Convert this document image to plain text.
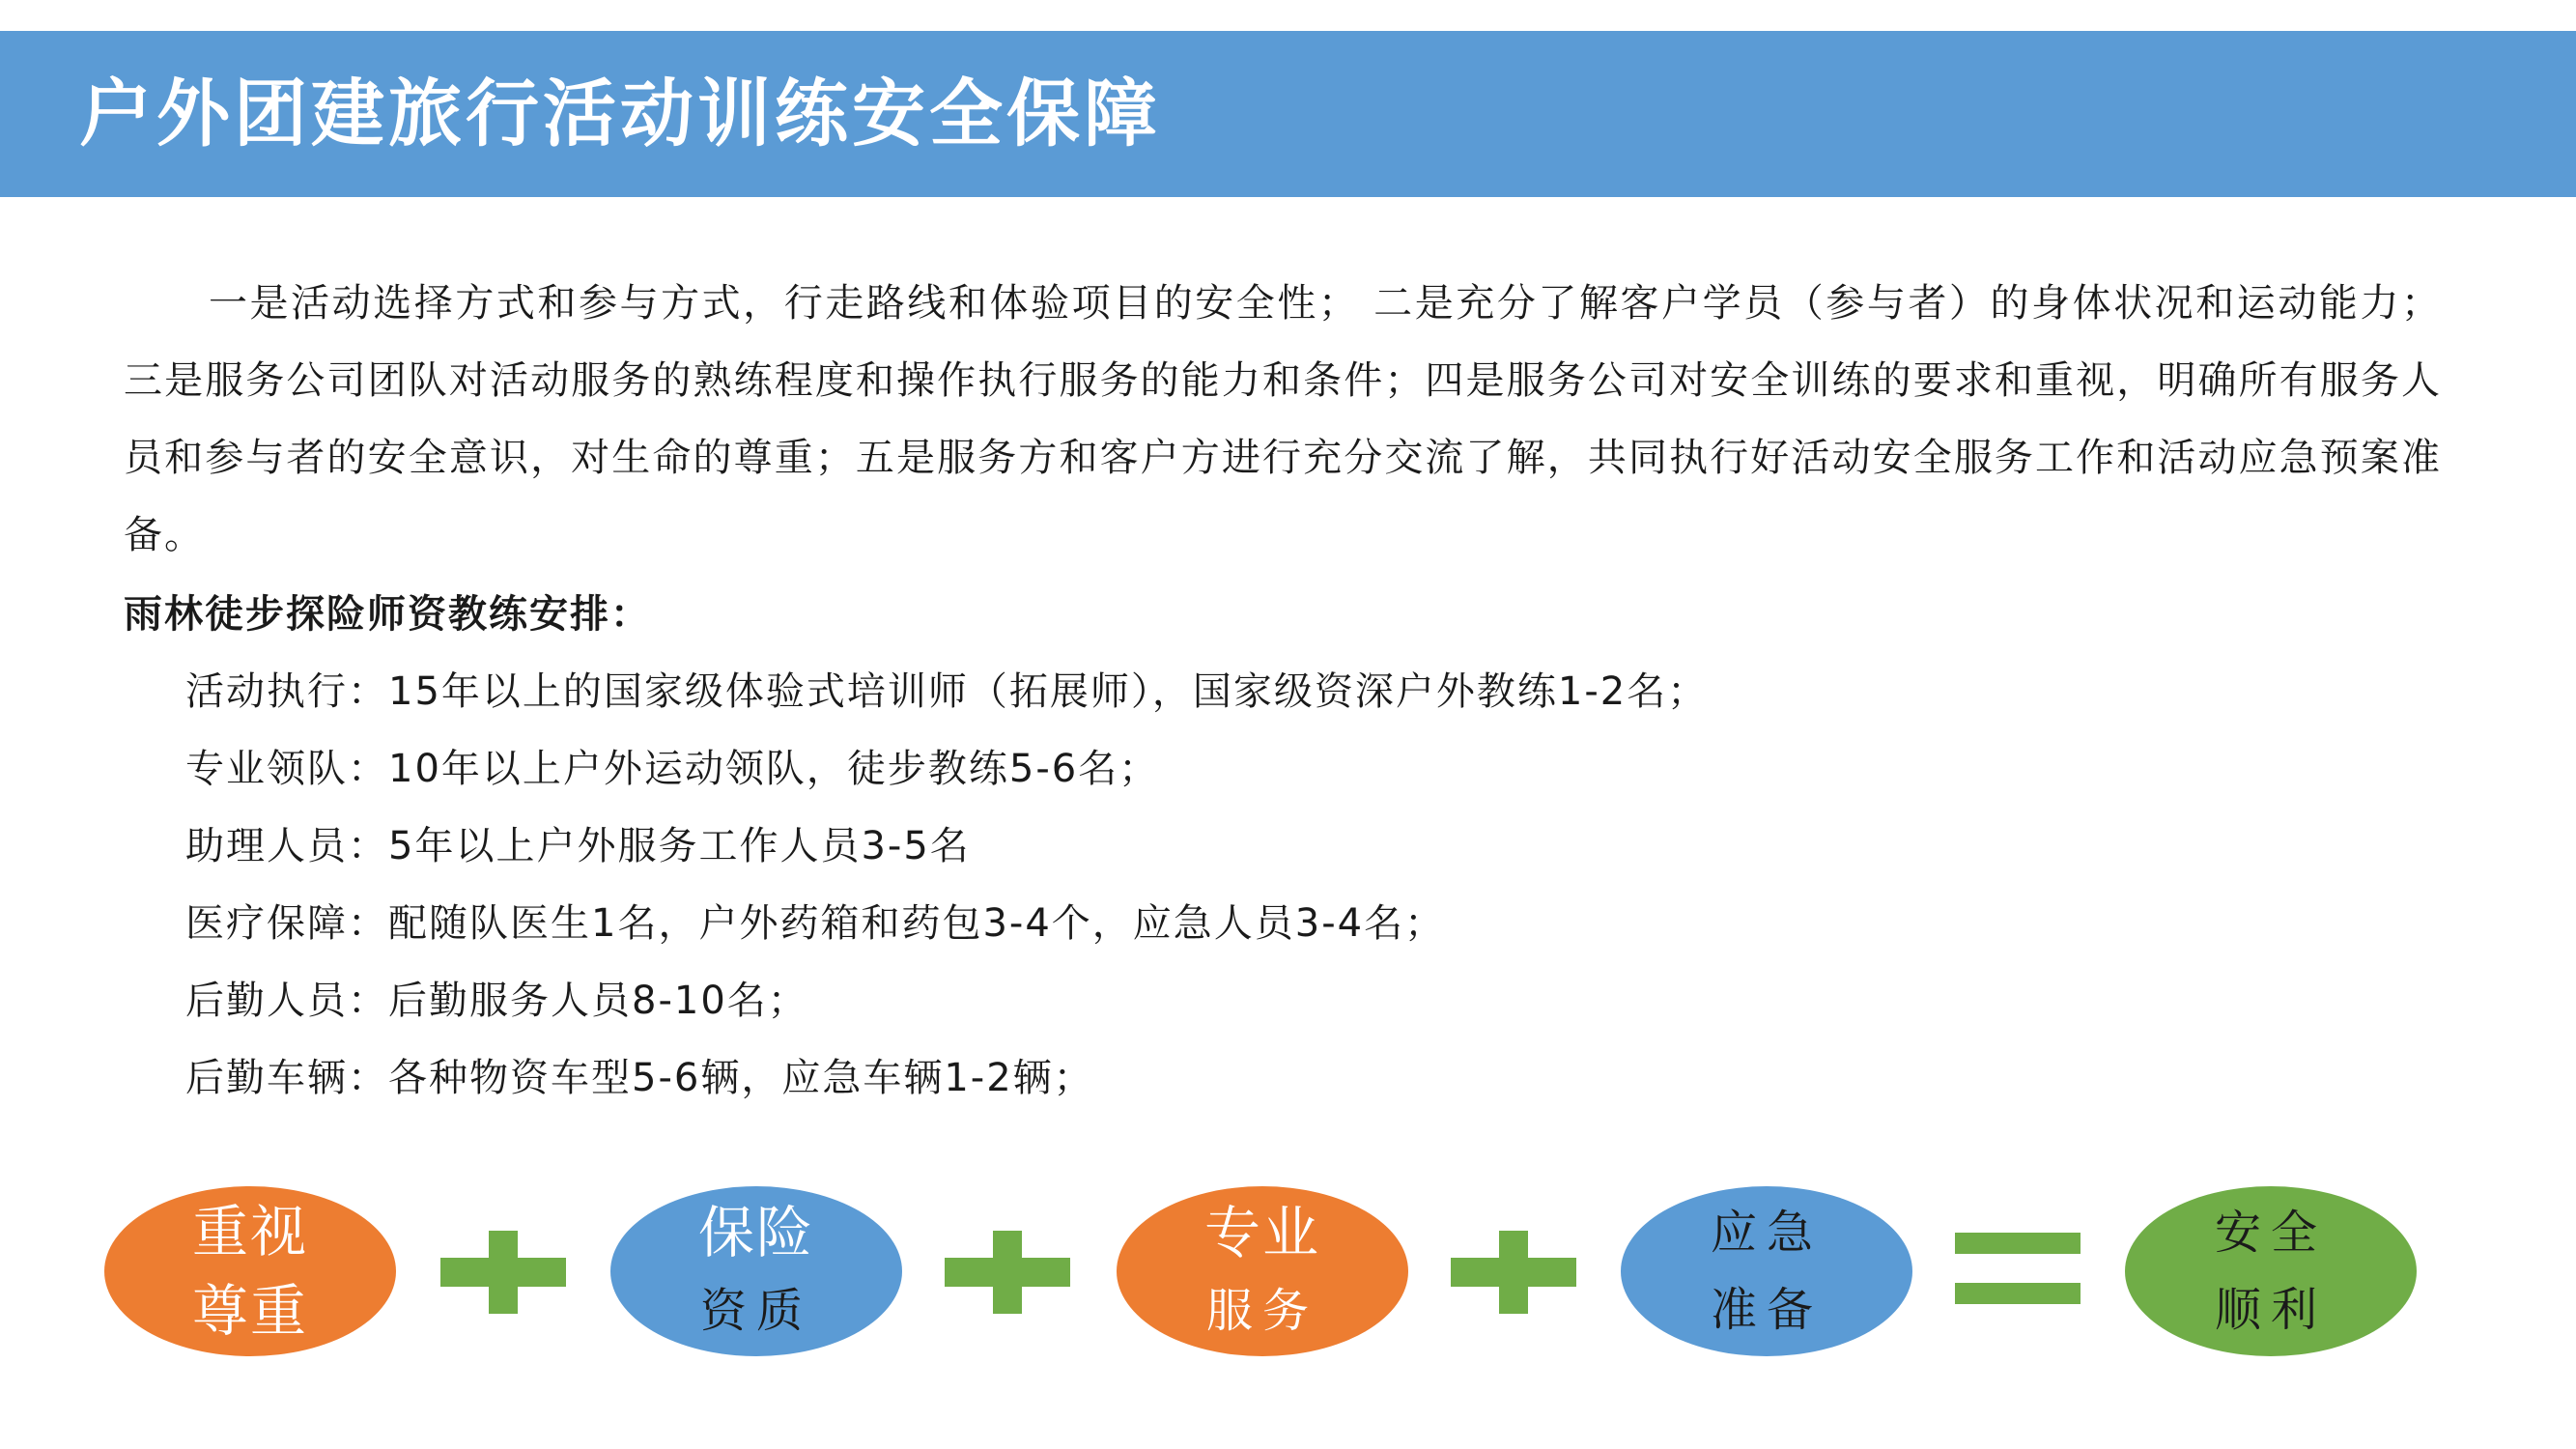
户外团建旅行活动训练安全保障
一是活动选择方式和参与方式，行走路线和体验项目的安全性； 二是充分了解客户学员（参与者）的身体状况和运动能力；三是服务公司团队对活动服务的熟练程度和操作执行服务的能力和条件；四是服务公司对安全训练的要求和重视，明确所有服务人员和参与者的安全意识，对生命的尊重；五是服务方和客户方进行充分交流了解，共同执行好活动安全服务工作和活动应急预案准备。
雨林徒步探险师资教练安排：
活动执行：15年以上的国家级体验式培训师（拓展师），国家级资深户外教练1-2名；
专业领队：10年以上户外运动领队，徒步教练5-6名；
助理人员：5年以上户外服务工作人员3-5名
医疗保障：配随队医生1名，户外药箱和药包3-4个，应急人员3-4名；
后勤人员：后勤服务人员8-10名；
后勤车辆：各种物资车型5-6辆，应急车辆1-2辆；
重视
尊重
保险
资质
专业
服务
应急
准备
安全
顺利
